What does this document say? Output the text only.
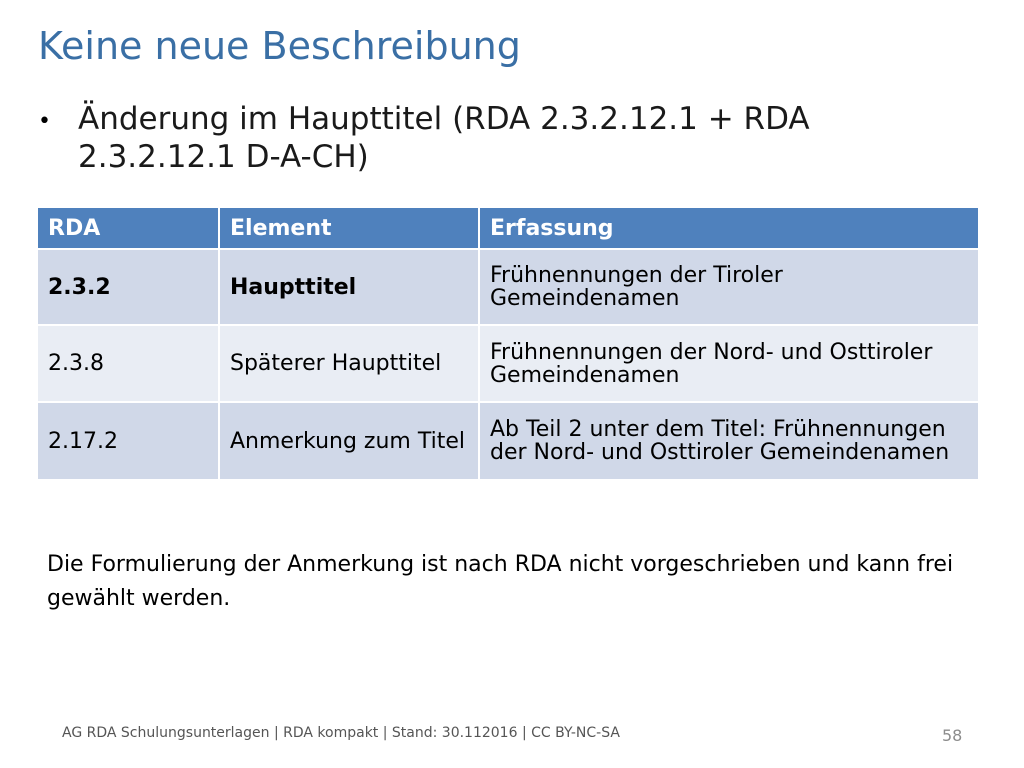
Keine neue Beschreibung
• Änderung im Haupttitel (RDA 2.3.2.12.1 + RDA 2.3.2.12.1 D-A-CH)
RDA	Element	Erfassung
2.3.2	Haupttitel	Frühnennungen der Tiroler Gemeindenamen
2.3.8	Späterer Haupttitel	Frühnennungen der Nord- und Osttiroler Gemeindenamen
2.17.2	Anmerkung zum Titel	Ab Teil 2 unter dem Titel: Frühnennungen der Nord- und Osttiroler Gemeindenamen
Die Formulierung der Anmerkung ist nach RDA nicht vorgeschrieben und kann frei gewählt werden.
AG RDA Schulungsunterlagen | RDA kompakt | Stand: 30.112016 | CC BY-NC-SA	58
